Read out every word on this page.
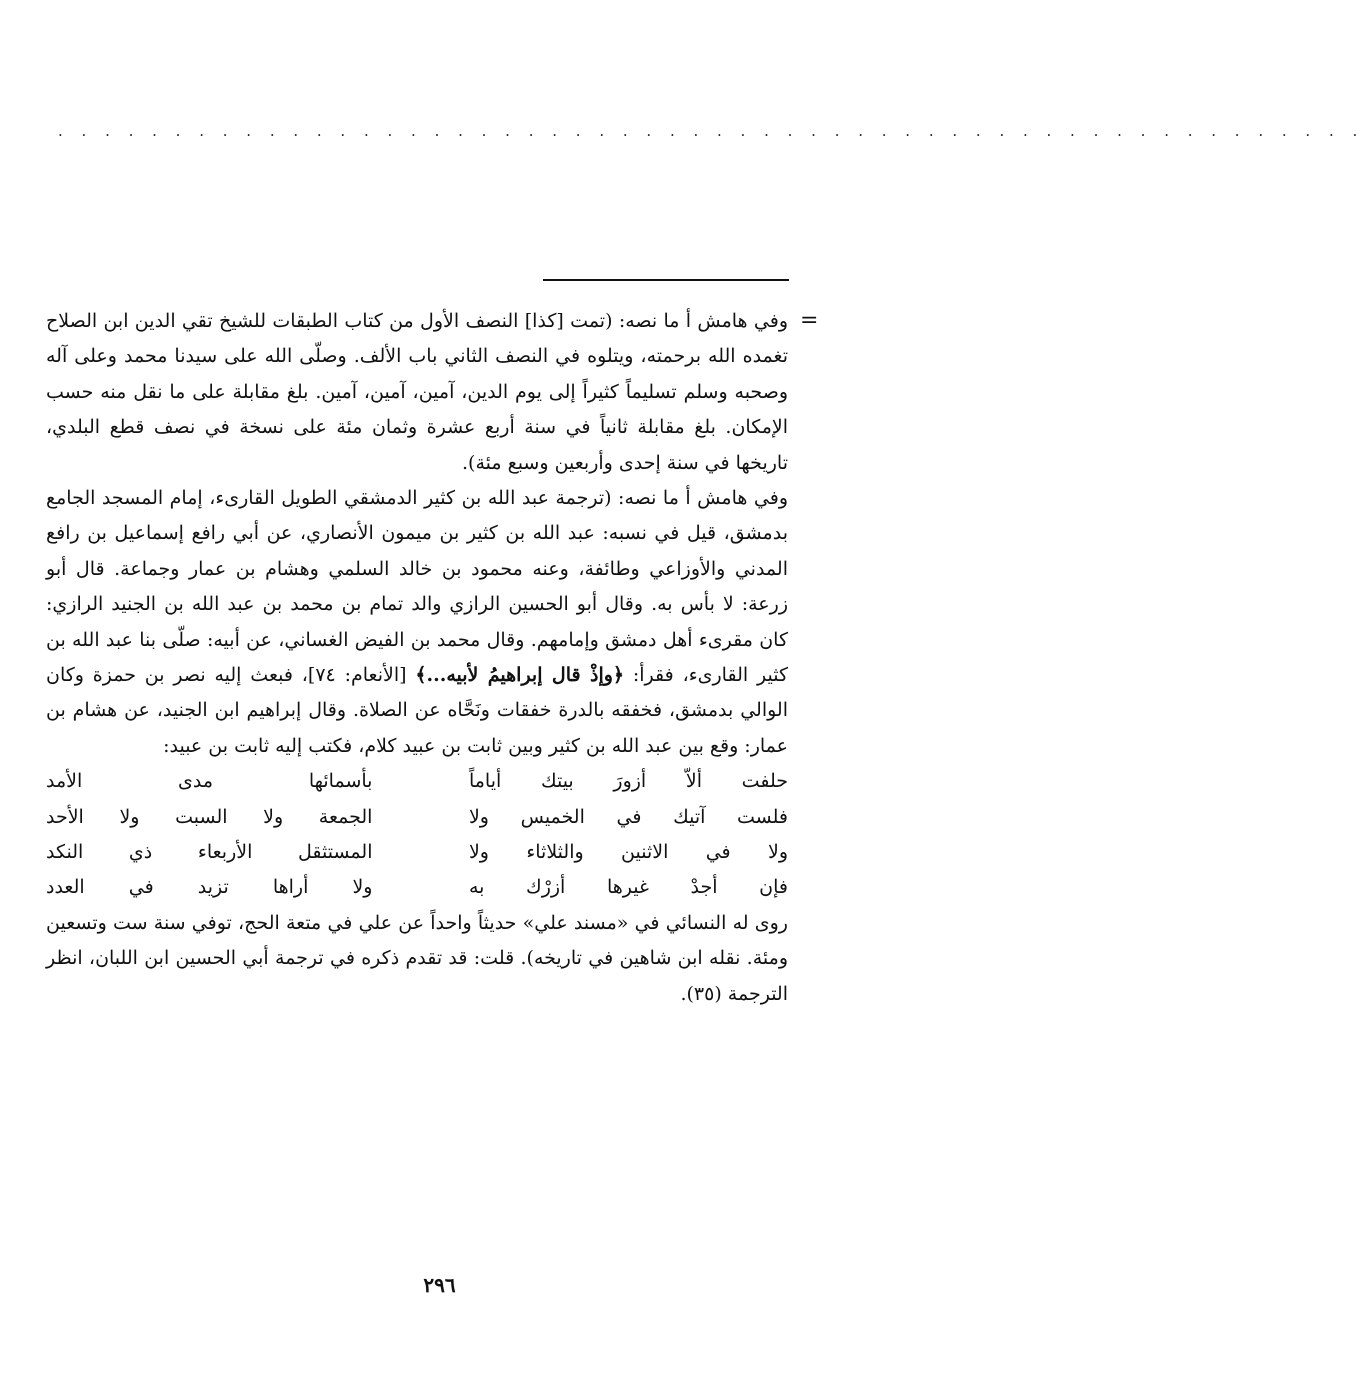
. . . . . . . . . . . . . . . . . . . . . . . . . . . . . . . . . . . . . . . . . . . . . . . . . . . . . . . .
=

وفي هامش أ ما نصه: (تمت [كذا] النصف الأول من كتاب الطبقات للشيخ تقي الدين ابن الصلاح تغمده الله برحمته، ويتلوه في النصف الثاني باب الألف. وصلّى الله على سيدنا محمد وعلى آله وصحبه وسلم تسليماً كثيراً إلى يوم الدين، آمين، آمين، آمين. بلغ مقابلة على ما نقل منه حسب الإمكان. بلغ مقابلة ثانياً في سنة أربع عشرة وثمان مئة على نسخة في نصف قطع البلدي، تاريخها في سنة إحدى وأربعين وسبع مئة).

وفي هامش أ ما نصه: (ترجمة عبد الله بن كثير الدمشقي الطويل القارىء، إمام المسجد الجامع بدمشق، قيل في نسبه: عبد الله بن كثير بن ميمون الأنصاري، عن أبي رافع إسماعيل بن رافع المدني والأوزاعي وطائفة، وعنه محمود بن خالد السلمي وهشام بن عمار وجماعة. قال أبو زرعة: لا بأس به. وقال أبو الحسين الرازي والد تمام بن محمد بن عبد الله بن الجنيد الرازي: كان مقرىء أهل دمشق وإمامهم. وقال محمد بن الفيض الغساني، عن أبيه: صلّى بنا عبد الله بن كثير القارىء، فقرأ: ﴿وإذْ قال إبراهيمُ لأبيه...﴾ [الأنعام: ٧٤]، فبعث إليه نصر بن حمزة وكان الوالي بدمشق، فخفقه بالدرة خفقات ونَحَّاه عن الصلاة. وقال إبراهيم ابن الجنيد، عن هشام بن عمار: وقع بين عبد الله بن كثير وبين ثابت بن عبيد كلام، فكتب إليه ثابت بن عبيد:

حلفت ألاّ أزورَ بيتك أياماً
بأسمائها مدى الأمد
فلست آتيك في الخميس ولا
الجمعة ولا السبت ولا الأحد
ولا في الاثنين والثلاثاء ولا
المستثقل الأربعاء ذي النكد
فإن أجدْ غيرها أزرْك به
ولا أراها تزيد في العدد

روى له النسائي في «مسند علي» حديثاً واحداً عن علي في متعة الحج، توفي سنة ست وتسعين ومئة. نقله ابن شاهين في تاريخه). قلت: قد تقدم ذكره في ترجمة أبي الحسين ابن اللبان، انظر الترجمة (٣٥).

٢٩٦
